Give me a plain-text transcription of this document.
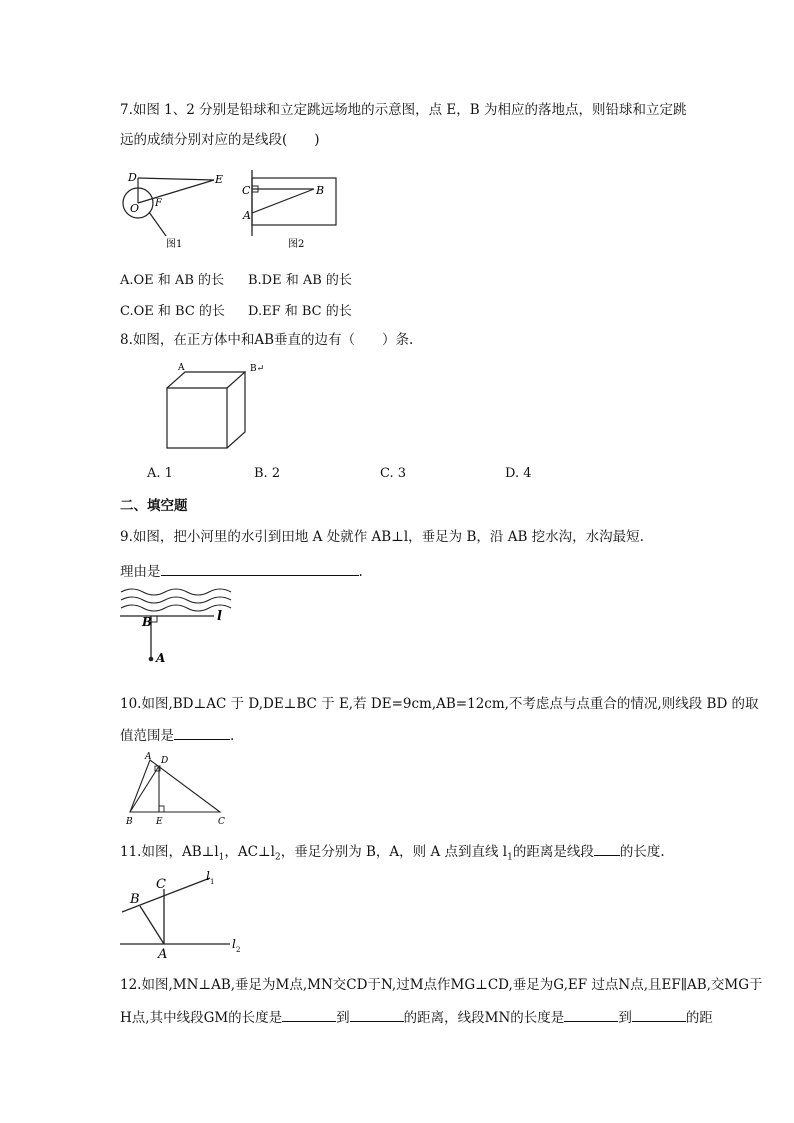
7.如图 1、2 分别是铅球和立定跳远场地的示意图，点 E，B 为相应的落地点，则铅球和立定跳
远的成绩分别对应的是线段(　　)
D	E
O F
图1
C	B
A
图2
A.OE 和 AB 的长 B.DE 和 AB 的长
C.OE 和 BC 的长 D.EF 和 BC 的长
8.如图，在正方体中和AB垂直的边有（　　）条.
A	B↵
A. 1	B. 2	C. 3	D. 4
二、填空题
9.如图，把小河里的水引到田地 A 处就作 AB⊥l，垂足为 B，沿 AB 挖水沟，水沟最短.
理由是	.
B
A
l
10.如图,BD⊥AC 于 D,DE⊥BC 于 E,若 DE=9cm,AB=12cm,不考虑点与点重合的情况,则线段 BD 的取
值范围是	.
A D
B	E	C
11.如图，$AB\perp l_1$，$AC\perp l_2$，垂足分别为 B，A，则 A 点到直线 $l_1$的距离是线段 的长度.
B
C
A
l 1
l 2
12.如图,MN⊥AB,垂足为M点,MN交CD于N,过M点作MG⊥CD,垂足为G,EF 过点N点,且EF∥AB,交MG于
H点,其中线段GM的长度是	到	的距离，线段MN的长度是	到	的距
